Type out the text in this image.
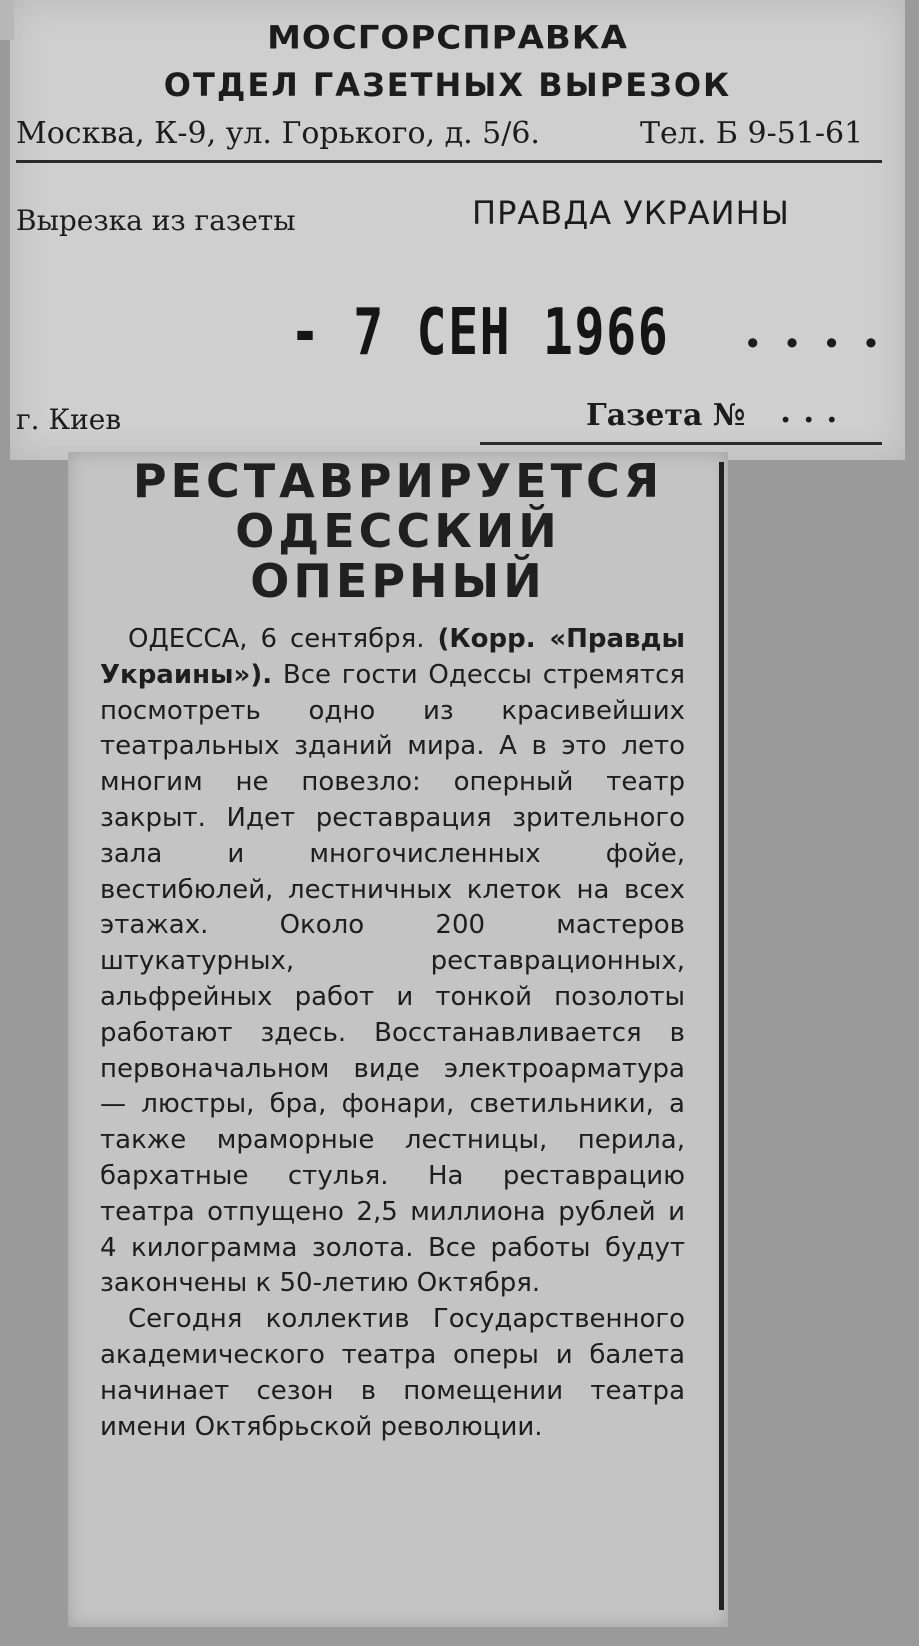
МОСГОРСПРАВКА
ОТДЕЛ ГАЗЕТНЫХ ВЫРЕЗОК
Москва, К-9, ул. Горького, д. 5/6.	Тел. Б 9-51-61
Вырезка из газеты	ПРАВДА УКРАИНЫ
- 7 СЕН 1966 ....
г. Киев	Газета № ...
РЕСТАВРИРУЕТСЯ
ОДЕССКИЙ
ОПЕРНЫЙ

ОДЕССА, 6 сентября. (Корр. «Правды Украины»). Все гости Одессы стремятся посмотреть одно из красивейших театральных зданий мира. А в это лето многим не повезло: оперный театр закрыт. Идет реставрация зрительного зала и многочисленных фойе, вестибюлей, лестничных клеток на всех этажах. Около 200 мастеров штукатурных, реставрационных, альфрейных работ и тонкой позолоты работают здесь. Восстанавливается в первоначальном виде электроарматура — люстры, бра, фонари, светильники, а также мраморные лестницы, перила, бархатные стулья. На реставрацию театра отпущено 2,5 миллиона рублей и 4 килограмма золота. Все работы будут закончены к 50-летию Октября.

Сегодня коллектив Государственного академического театра оперы и балета начинает сезон в помещении театра имени Октябрьской революции.
